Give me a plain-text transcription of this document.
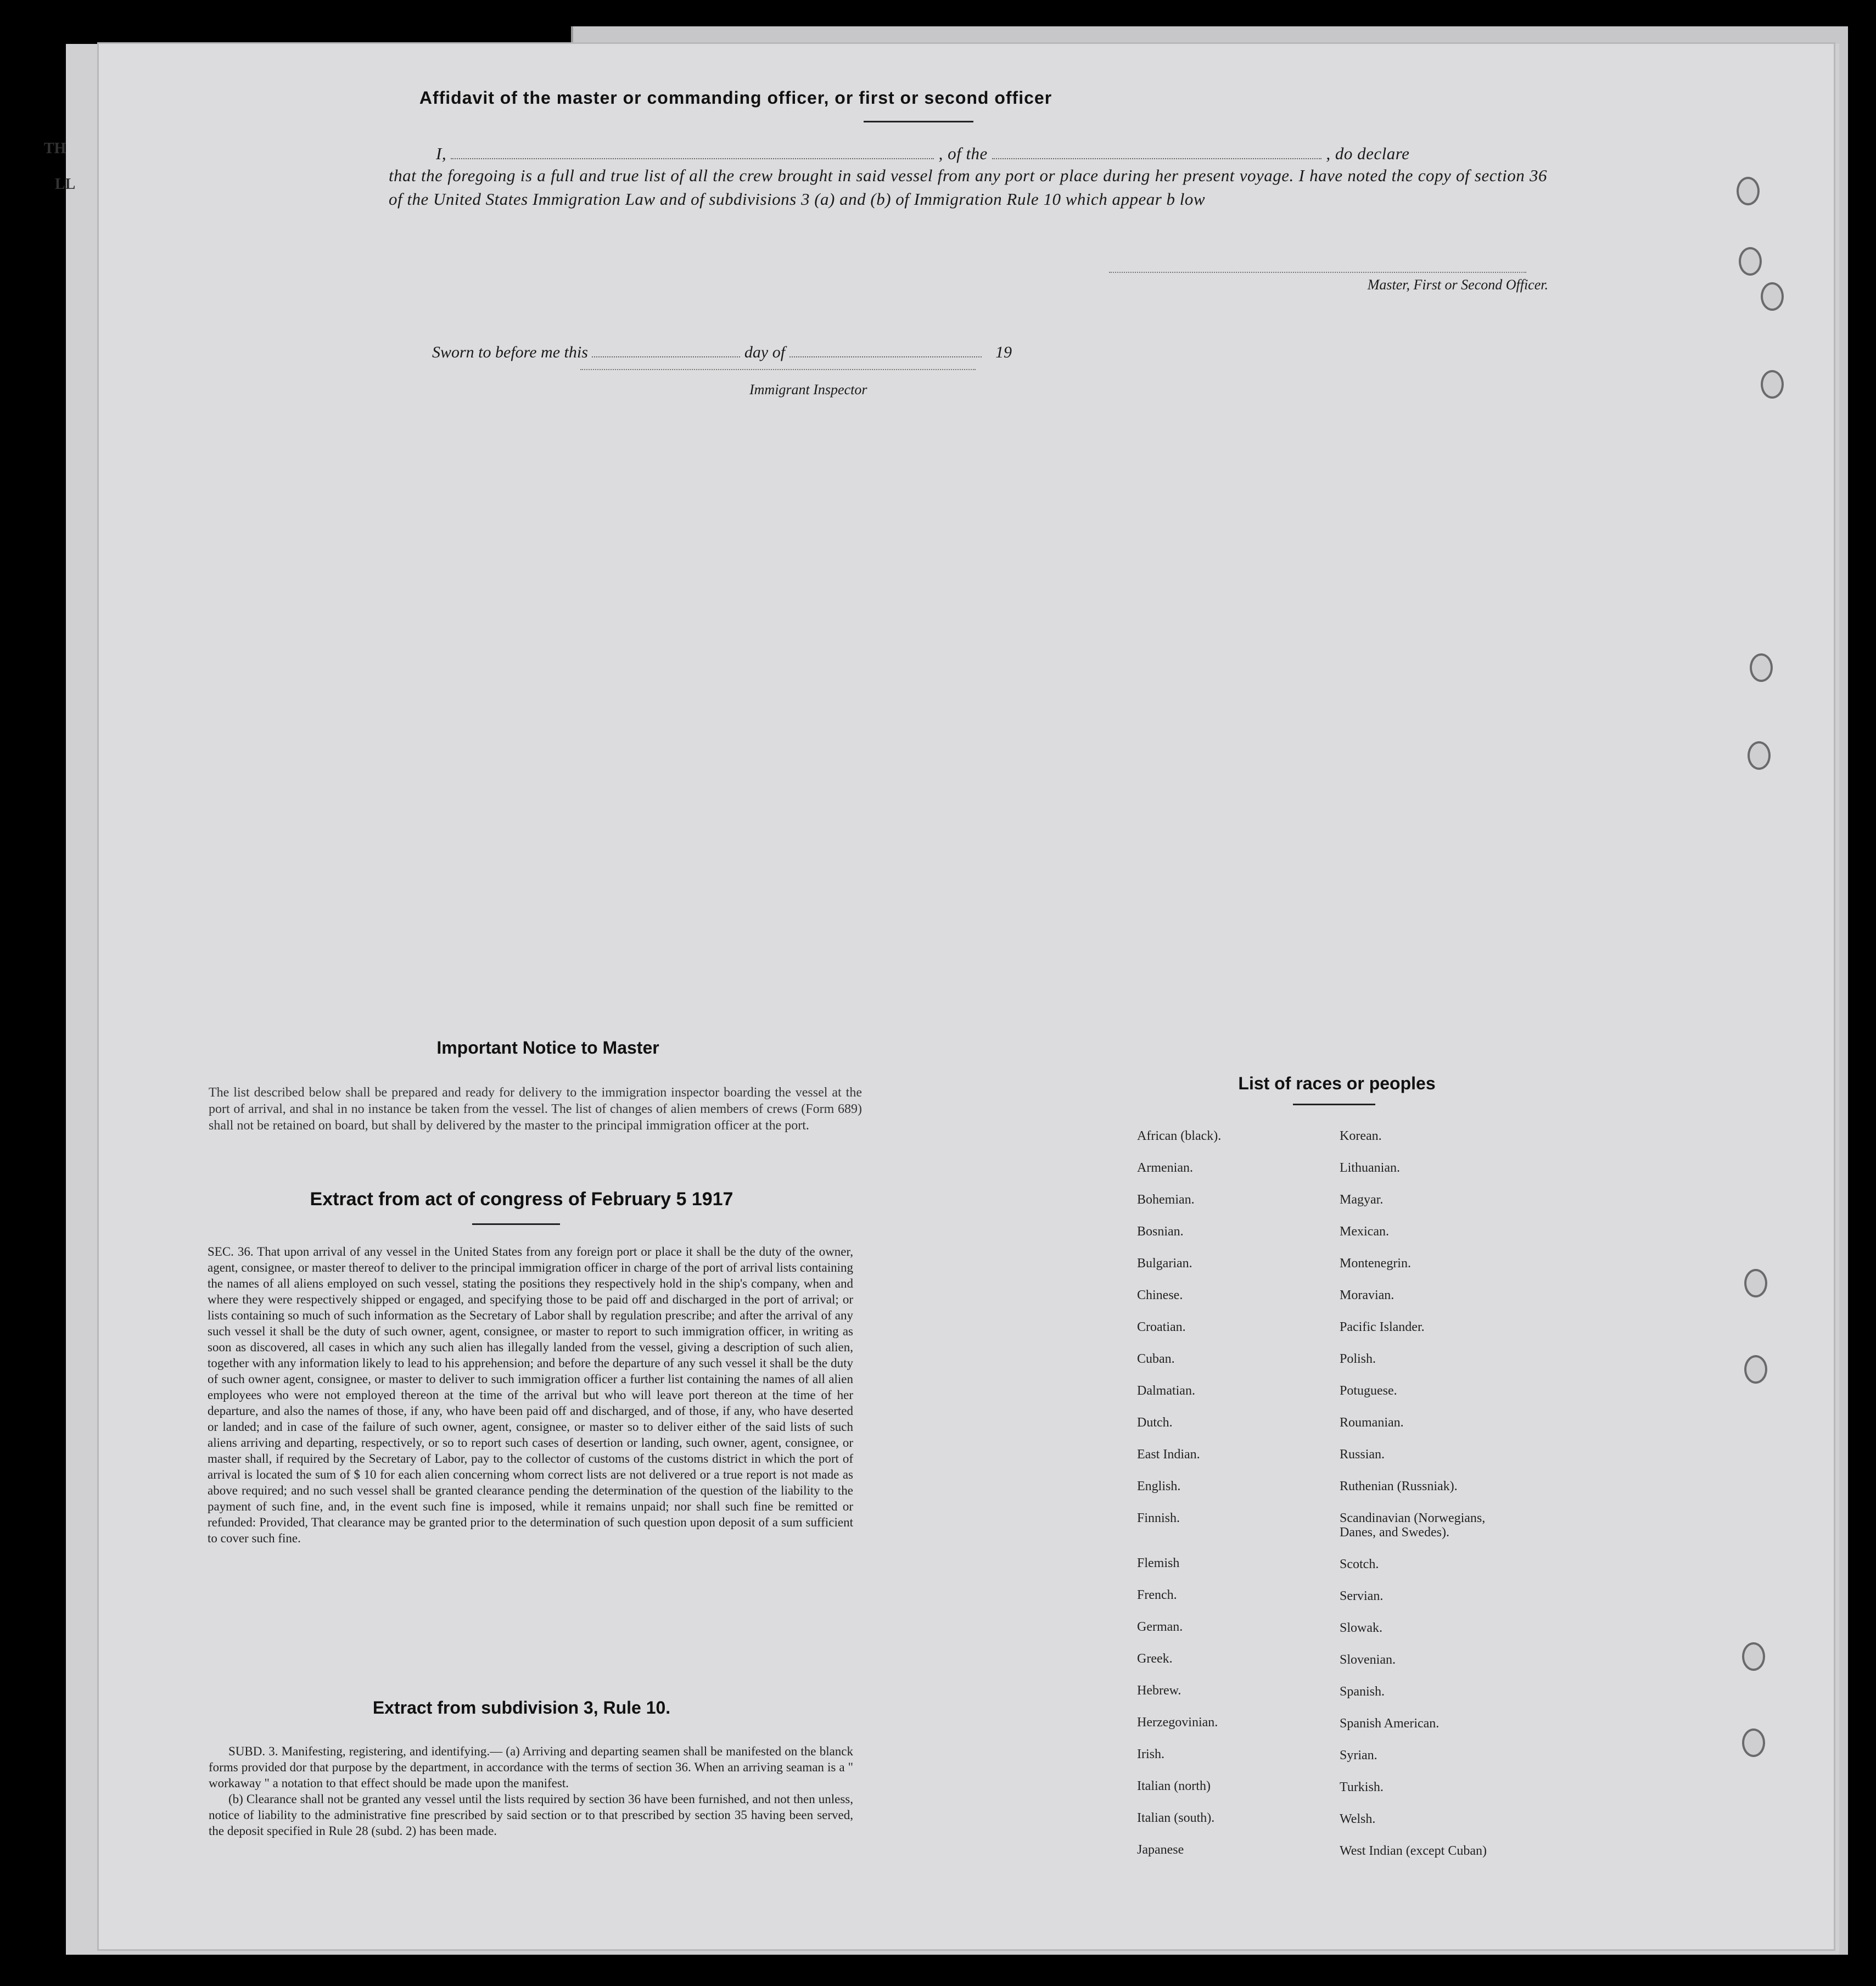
TH
LL
Affidavit of the master or commanding officer, or first or second officer
I,	, of the	, do declare
that the foregoing is a full and true list of all the crew brought in said vessel from any port or place during her present voyage. I have noted the copy of section 36 of the United States Immigration Law and of subdivisions 3 (a) and (b) of Immigration Rule 10 which appear b low
Master, First or Second Officer.
Sworn to before me this	day of	19
Immigrant Inspector
Important Notice to Master
The list described below shall be prepared and ready for delivery to the immigration inspector boarding the vessel at the port of arrival, and shal in no instance be taken from the vessel. The list of changes of alien members of crews (Form 689) shall not be retained on board, but shall by delivered by the master to the principal immigration officer at the port.
Extract from act of congress of February 5 1917
SEC. 36. That upon arrival of any vessel in the United States from any foreign port or place it shall be the duty of the owner, agent, consignee, or master thereof to deliver to the principal immigration officer in charge of the port of arrival lists containing the names of all aliens employed on such vessel, stating the positions they respectively hold in the ship's company, when and where they were respectively shipped or engaged, and specifying those to be paid off and discharged in the port of arrival; or lists containing so much of such information as the Secretary of Labor shall by regulation prescribe; and after the arrival of any such vessel it shall be the duty of such owner, agent, consignee, or master to report to such immigration officer, in writing as soon as discovered, all cases in which any such alien has illegally landed from the vessel, giving a description of such alien, together with any information likely to lead to his apprehension; and before the departure of any such vessel it shall be the duty of such owner agent, consignee, or master to deliver to such immigration officer a further list containing the names of all alien employees who were not employed thereon at the time of the arrival but who will leave port thereon at the time of her departure, and also the names of those, if any, who have been paid off and discharged, and of those, if any, who have deserted or landed; and in case of the failure of such owner, agent, consignee, or master so to deliver either of the said lists of such aliens arriving and departing, respectively, or so to report such cases of desertion or landing, such owner, agent, consignee, or master shall, if required by the Secretary of Labor, pay to the collector of customs of the customs district in which the port of arrival is located the sum of $ 10 for each alien concerning whom correct lists are not delivered or a true report is not made as above required; and no such vessel shall be granted clearance pending the determination of the question of the liability to the payment of such fine, and, in the event such fine is imposed, while it remains unpaid; nor shall such fine be remitted or refunded: Provided, That clearance may be granted prior to the determination of such question upon deposit of a sum sufficient to cover such fine.
Extract from subdivision 3, Rule 10.
SUBD. 3. Manifesting, registering, and identifying.— (a) Arriving and departing seamen shall be manifested on the blanck forms provided dor that purpose by the department, in accordance with the terms of section 36. When an arriving seaman is a " workaway " a notation to that effect should be made upon the manifest.
(b) Clearance shall not be granted any vessel until the lists required by section 36 have been furnished, and not then unless, notice of liability to the administrative fine prescribed by said section or to that prescribed by section 35 having been served, the deposit specified in Rule 28 (subd. 2) has been made.
List of races or peoples
African (black).
Armenian.
Bohemian.
Bosnian.
Bulgarian.
Chinese.
Croatian.
Cuban.
Dalmatian.
Dutch.
East Indian.
English.
Finnish.
Flemish
French.
German.
Greek.
Hebrew.
Herzegovinian.
Irish.
Italian (north)
Italian (south).
Japanese
Korean.
Lithuanian.
Magyar.
Mexican.
Montenegrin.
Moravian.
Pacific Islander.
Polish.
Potuguese.
Roumanian.
Russian.
Ruthenian (Russniak).
Scandinavian (Norwegians,
Danes, and Swedes).
Scotch.
Servian.
Slowak.
Slovenian.
Spanish.
Spanish American.
Syrian.
Turkish.
Welsh.
West Indian (except Cuban)
